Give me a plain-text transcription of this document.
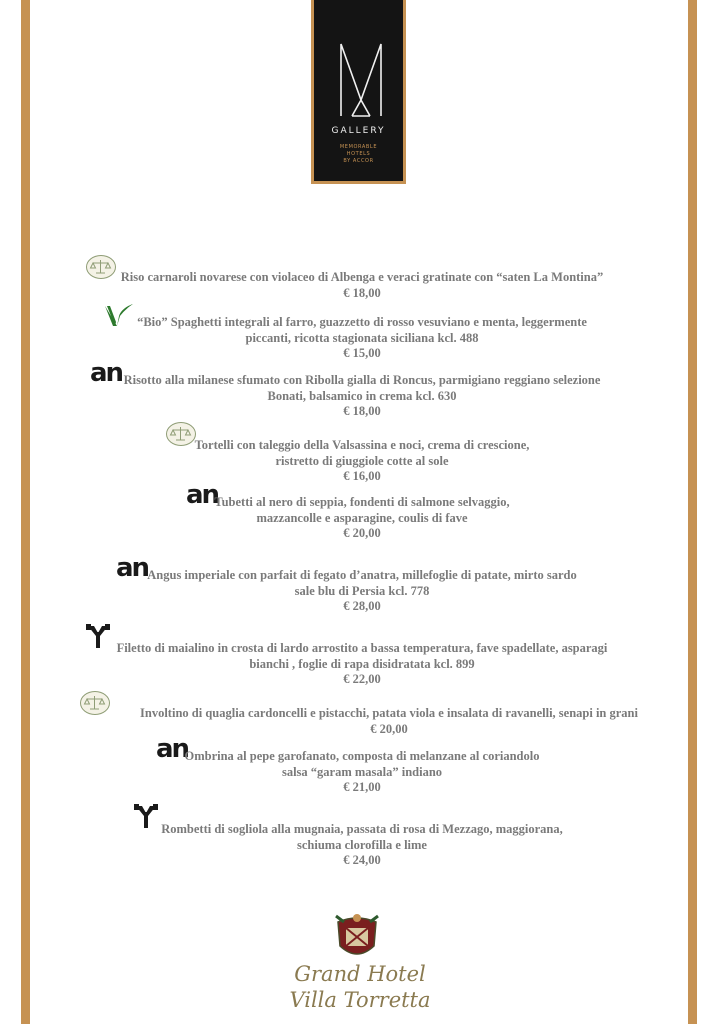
GALLERY
MEMORABLE
HOTELS
BY ACCOR
Riso carnaroli novarese con violaceo di Albenga e veraci gratinate con “saten La Montina”
€ 18,00
“Bio” Spaghetti integrali al farro, guazzetto di rosso vesuviano e menta, leggermente
piccanti, ricotta stagionata siciliana kcl. 488
€ 15,00
an Risotto alla milanese sfumato con Ribolla gialla di Roncus, parmigiano reggiano selezione
Bonati, balsamico in crema kcl. 630
€ 18,00
Tortelli con taleggio della Valsassina e noci, crema di crescione,
ristretto di giuggiole cotte al sole
€ 16,00
an
Tubetti al nero di seppia, fondenti di salmone selvaggio,
mazzancolle e asparagine, coulis di fave
€ 20,00
an Angus imperiale con parfait di fegato d’anatra, millefoglie di patate, mirto sardo
sale blu di Persia kcl. 778
€ 28,00
Filetto di maialino in crosta di lardo arrostito a bassa temperatura, fave spadellate, asparagi
bianchi , foglie di rapa disidratata kcl. 899
€ 22,00
Involtino di quaglia cardoncelli e pistacchi, patata viola e insalata di ravanelli, senapi in grani
€ 20,00
an
Ombrina al pepe garofanato, composta di melanzane al coriandolo
salsa “garam masala” indiano
€ 21,00
Rombetti di sogliola alla mugnaia, passata di rosa di Mezzago, maggiorana,
schiuma clorofilla e lime
€ 24,00
Grand Hotel
Villa Torretta
